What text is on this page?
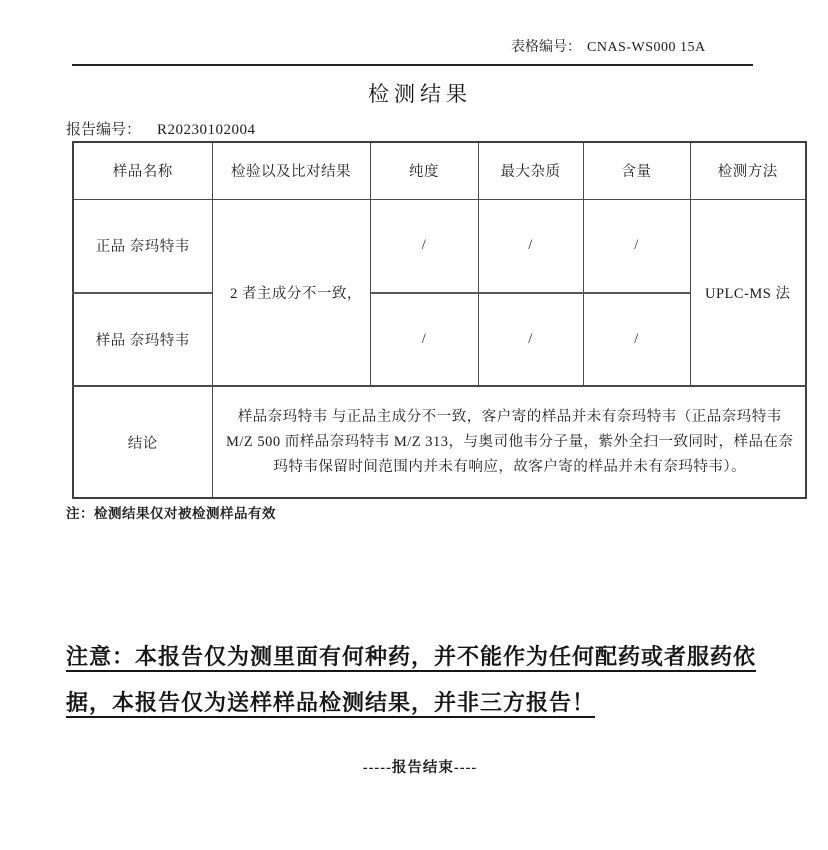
表格编号： CNAS-WS000 15A
检测结果
报告编号： R20230102004
样品名称	检验以及比对结果	纯度	最大杂质	含量	检测方法
正品 奈玛特韦	2 者主成分不一致，	/	/	/	UPLC-MS 法
样品 奈玛特韦		/	/	/	
结论	样品奈玛特韦 与正品主成分不一致，客户寄的样品并未有奈玛特韦（正品奈玛特韦 M/Z 500 而样品奈玛特韦 M/Z 313，与奥司他韦分子量，紫外全扫一致同时，样品在奈玛特韦保留时间范围内并未有响应，故客户寄的样品并未有奈玛特韦）。				
注：检测结果仅对被检测样品有效
注意：本报告仅为测里面有何种药，并不能作为任何配药或者服药依
据，本报告仅为送样样品检测结果，并非三方报告！
-----报告结束----
